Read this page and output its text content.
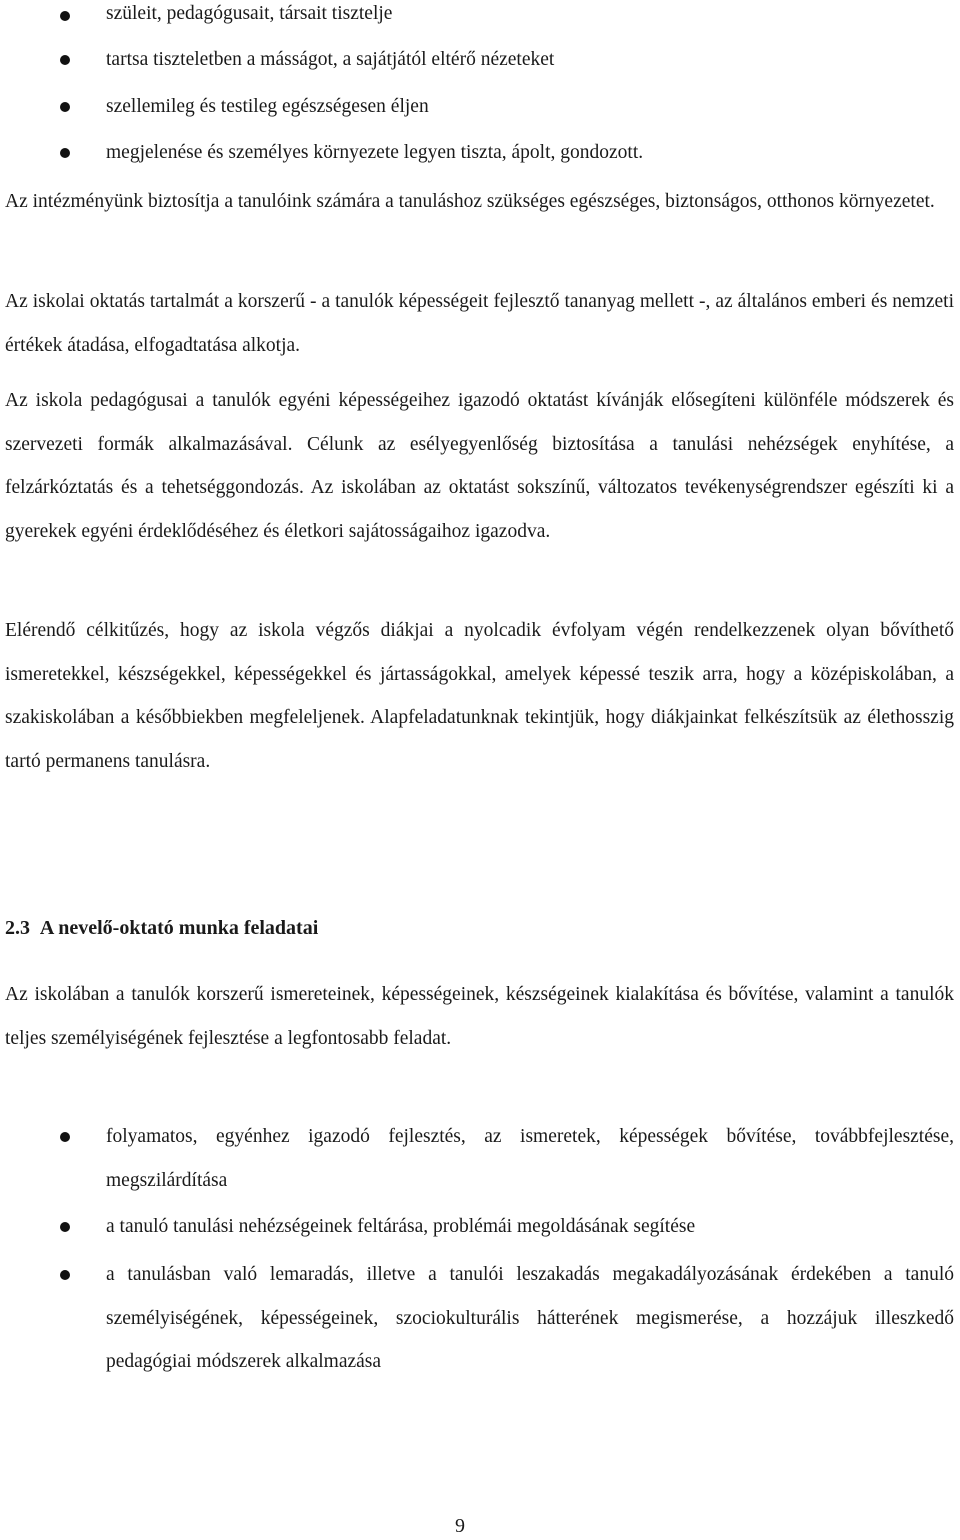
szüleit, pedagógusait, társait tisztelje
tartsa tiszteletben a másságot, a sajátjától eltérő nézeteket
szellemileg és testileg egészségesen éljen
megjelenése és személyes környezete legyen tiszta, ápolt, gondozott.

Az intézményünk biztosítja a tanulóink számára a tanuláshoz szükséges egészséges, biztonságos, otthonos környezetet.

Az iskolai oktatás tartalmát a korszerű - a tanulók képességeit fejlesztő tananyag mellett -, az általános emberi és nemzeti értékek átadása, elfogadtatása alkotja.

Az iskola pedagógusai a tanulók egyéni képességeihez igazodó oktatást kívánják elősegíteni különféle módszerek és szervezeti formák alkalmazásával. Célunk az esélyegyenlőség biztosítása a tanulási nehézségek enyhítése, a felzárkóztatás és a tehetséggondozás. Az iskolában az oktatást sokszínű, változatos tevékenységrendszer egészíti ki a gyerekek egyéni érdeklődéséhez és életkori sajátosságaihoz igazodva.

Elérendő célkitűzés, hogy az iskola végzős diákjai a nyolcadik évfolyam végén rendelkezzenek olyan bővíthető ismeretekkel, készségekkel, képességekkel és jártasságokkal, amelyek képessé teszik arra, hogy a középiskolában, a szakiskolában a későbbiekben megfeleljenek. Alapfeladatunknak tekintjük, hogy diákjainkat felkészítsük az élethosszig tartó permanens tanulásra.

2.3 A nevelő-oktató munka feladatai

Az iskolában a tanulók korszerű ismereteinek, képességeinek, készségeinek kialakítása és bővítése, valamint a tanulók teljes személyiségének fejlesztése a legfontosabb feladat.

folyamatos, egyénhez igazodó fejlesztés, az ismeretek, képességek bővítése, továbbfejlesztése, megszilárdítása
a tanuló tanulási nehézségeinek feltárása, problémái megoldásának segítése
a tanulásban való lemaradás, illetve a tanulói leszakadás megakadályozásának érdekében a tanuló személyiségének, képességeinek, szociokulturális hátterének megismerése, a hozzájuk illeszkedő pedagógiai módszerek alkalmazása
9
